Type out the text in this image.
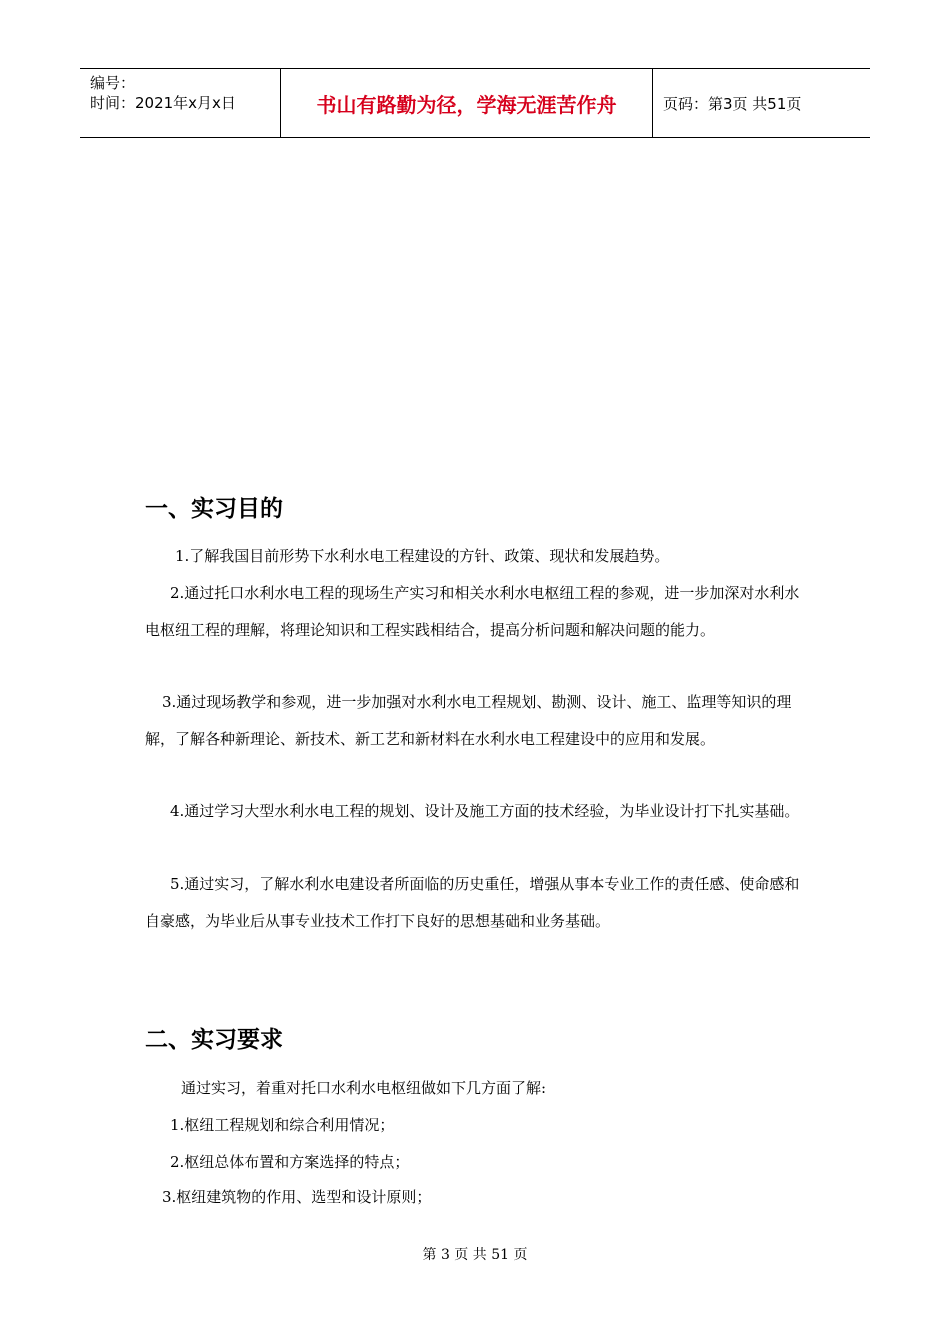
编号：
时间：2021年x月x日	书山有路勤为径，学海无涯苦作舟	页码：第3页 共51页
一、实习目的
1.了解我国目前形势下水利水电工程建设的方针、政策、现状和发展趋势。
2.通过托口水利水电工程的现场生产实习和相关水利水电枢纽工程的参观，进一步加深对水利水电枢纽工程的理解，将理论知识和工程实践相结合，提高分析问题和解决问题的能力。
3.通过现场教学和参观，进一步加强对水利水电工程规划、勘测、设计、施工、监理等知识的理解，了解各种新理论、新技术、新工艺和新材料在水利水电工程建设中的应用和发展。
4.通过学习大型水利水电工程的规划、设计及施工方面的技术经验，为毕业设计打下扎实基础。
5.通过实习，了解水利水电建设者所面临的历史重任，增强从事本专业工作的责任感、使命感和自豪感，为毕业后从事专业技术工作打下良好的思想基础和业务基础。
二、实习要求
通过实习，着重对托口水利水电枢纽做如下几方面了解:
1.枢纽工程规划和综合利用情况；
2.枢纽总体布置和方案选择的特点；
3.枢纽建筑物的作用、选型和设计原则；
第 3 页 共 51 页
